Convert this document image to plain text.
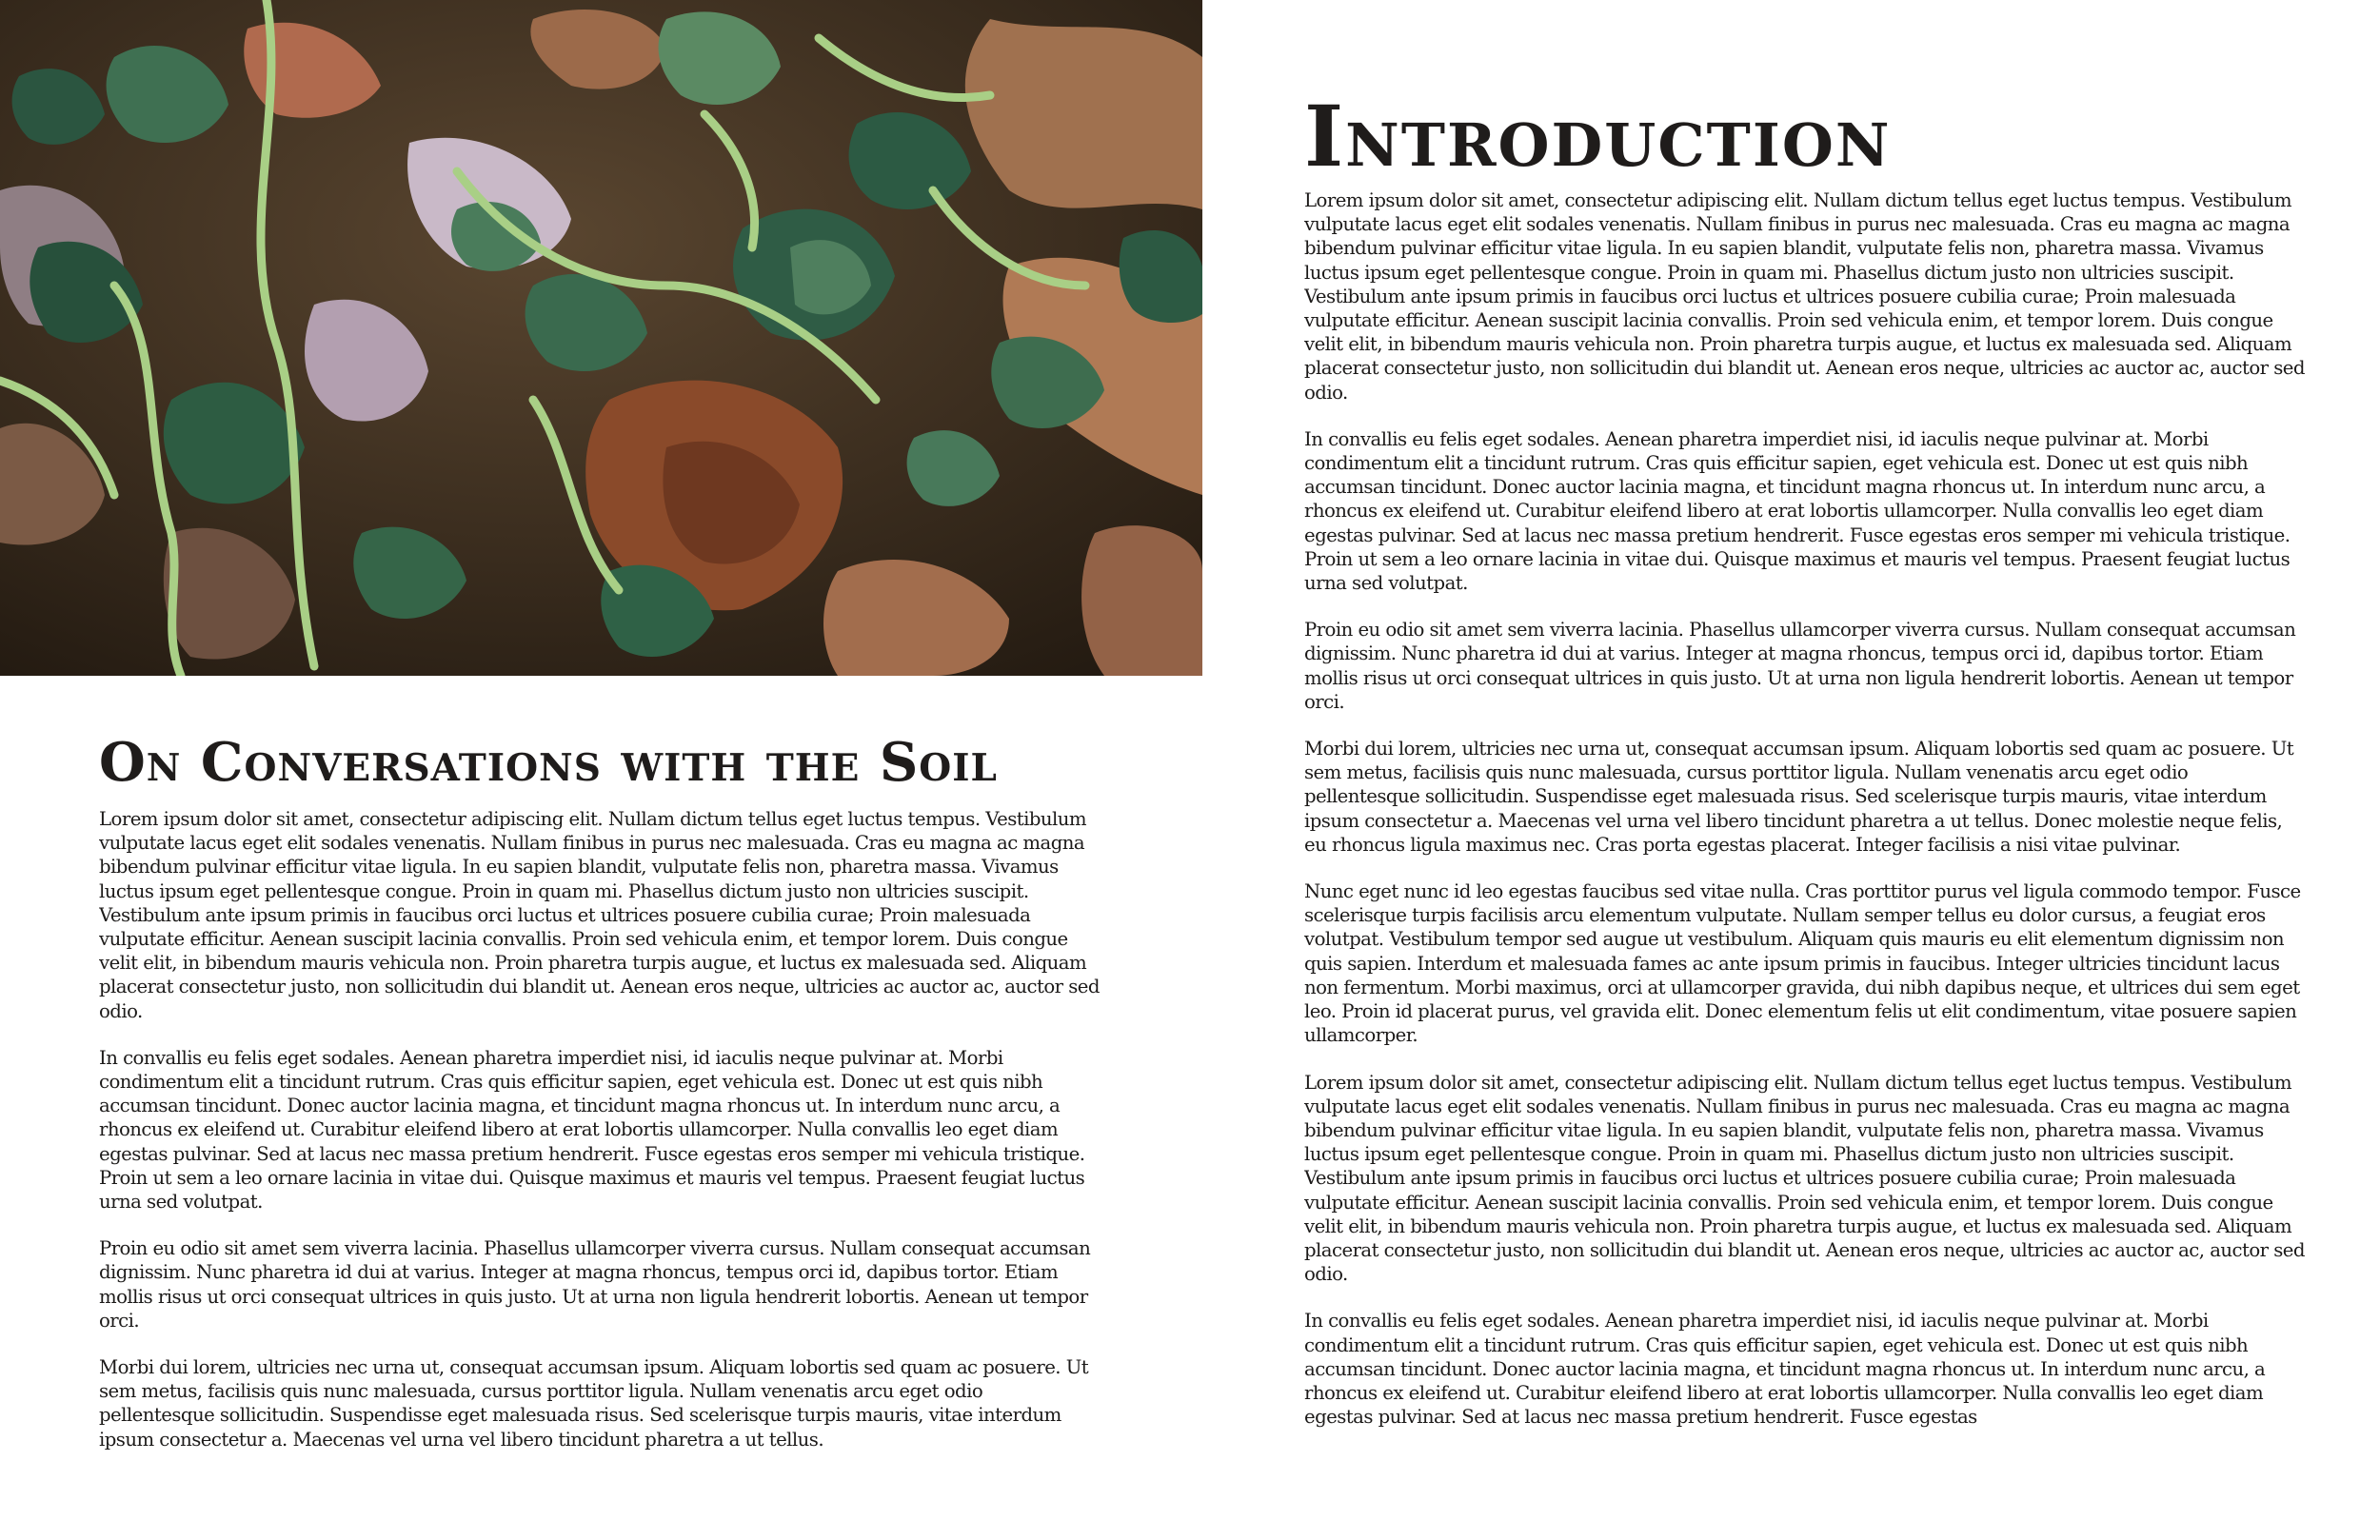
On Conversations with the Soil

Lorem ipsum dolor sit amet, consectetur adipiscing elit. Nullam dictum tellus eget luctus tempus. Vestibulum vulputate lacus eget elit sodales venenatis. Nullam finibus in purus nec malesuada. Cras eu magna ac magna bibendum pulvinar efficitur vitae ligula. In eu sapien blandit, vulputate felis non, pharetra massa. Vivamus luctus ipsum eget pellentesque congue. Proin in quam mi. Phasellus dictum justo non ultricies suscipit. Vestibulum ante ipsum primis in faucibus orci luctus et ultrices posuere cubilia curae; Proin malesuada vulputate efficitur. Aenean suscipit lacinia convallis. Proin sed vehicula enim, et tempor lorem. Duis congue velit elit, in bibendum mauris vehicula non. Proin pharetra turpis augue, et luctus ex malesuada sed. Aliquam placerat consectetur justo, non sollicitudin dui blandit ut. Aenean eros neque, ultricies ac auctor ac, auctor sed odio.

In convallis eu felis eget sodales. Aenean pharetra imperdiet nisi, id iaculis neque pulvinar at. Morbi condimentum elit a tincidunt rutrum. Cras quis efficitur sapien, eget vehicula est. Donec ut est quis nibh accumsan tincidunt. Donec auctor lacinia magna, et tincidunt magna rhoncus ut. In interdum nunc arcu, a rhoncus ex eleifend ut. Curabitur eleifend libero at erat lobortis ullamcorper. Nulla convallis leo eget diam egestas pulvinar. Sed at lacus nec massa pretium hendrerit. Fusce egestas eros semper mi vehicula tristique. Proin ut sem a leo ornare lacinia in vitae dui. Quisque maximus et mauris vel tempus. Praesent feugiat luctus urna sed volutpat.

Proin eu odio sit amet sem viverra lacinia. Phasellus ullamcorper viverra cursus. Nullam consequat accumsan dignissim. Nunc pharetra id dui at varius. Integer at magna rhoncus, tempus orci id, dapibus tortor. Etiam mollis risus ut orci consequat ultrices in quis justo. Ut at urna non ligula hendrerit lobortis. Aenean ut tempor orci.

Morbi dui lorem, ultricies nec urna ut, consequat accumsan ipsum. Aliquam lobortis sed quam ac posuere. Ut sem metus, facilisis quis nunc malesuada, cursus porttitor ligula. Nullam venenatis arcu eget odio pellentesque sollicitudin. Suspendisse eget malesuada risus. Sed scelerisque turpis mauris, vitae interdum ipsum consectetur a. Maecenas vel urna vel libero tincidunt pharetra a ut tellus.

Introduction

Lorem ipsum dolor sit amet, consectetur adipiscing elit. Nullam dictum tellus eget luctus tempus. Vestibulum vulputate lacus eget elit sodales venenatis. Nullam finibus in purus nec malesuada. Cras eu magna ac magna bibendum pulvinar efficitur vitae ligula. In eu sapien blandit, vulputate felis non, pharetra massa. Vivamus luctus ipsum eget pellentesque congue. Proin in quam mi. Phasellus dictum justo non ultricies suscipit. Vestibulum ante ipsum primis in faucibus orci luctus et ultrices posuere cubilia curae; Proin malesuada vulputate efficitur. Aenean suscipit lacinia convallis. Proin sed vehicula enim, et tempor lorem. Duis congue velit elit, in bibendum mauris vehicula non. Proin pharetra turpis augue, et luctus ex malesuada sed. Aliquam placerat consectetur justo, non sollicitudin dui blandit ut. Aenean eros neque, ultricies ac auctor ac, auctor sed odio.

In convallis eu felis eget sodales. Aenean pharetra imperdiet nisi, id iaculis neque pulvinar at. Morbi condimentum elit a tincidunt rutrum. Cras quis efficitur sapien, eget vehicula est. Donec ut est quis nibh accumsan tincidunt. Donec auctor lacinia magna, et tincidunt magna rhoncus ut. In interdum nunc arcu, a rhoncus ex eleifend ut. Curabitur eleifend libero at erat lobortis ullamcorper. Nulla convallis leo eget diam egestas pulvinar. Sed at lacus nec massa pretium hendrerit. Fusce egestas eros semper mi vehicula tristique. Proin ut sem a leo ornare lacinia in vitae dui. Quisque maximus et mauris vel tempus. Praesent feugiat luctus urna sed volutpat.

Proin eu odio sit amet sem viverra lacinia. Phasellus ullamcorper viverra cursus. Nullam consequat accumsan dignissim. Nunc pharetra id dui at varius. Integer at magna rhoncus, tempus orci id, dapibus tortor. Etiam mollis risus ut orci consequat ultrices in quis justo. Ut at urna non ligula hendrerit lobortis. Aenean ut tempor orci.

Morbi dui lorem, ultricies nec urna ut, consequat accumsan ipsum. Aliquam lobortis sed quam ac posuere. Ut sem metus, facilisis quis nunc malesuada, cursus porttitor ligula. Nullam venenatis arcu eget odio pellentesque sollicitudin. Suspendisse eget malesuada risus. Sed scelerisque turpis mauris, vitae interdum ipsum consectetur a. Maecenas vel urna vel libero tincidunt pharetra a ut tellus. Donec molestie neque felis, eu rhoncus ligula maximus nec. Cras porta egestas placerat. Integer facilisis a nisi vitae pulvinar.

Nunc eget nunc id leo egestas faucibus sed vitae nulla. Cras porttitor purus vel ligula commodo tempor. Fusce scelerisque turpis facilisis arcu elementum vulputate. Nullam semper tellus eu dolor cursus, a feugiat eros volutpat. Vestibulum tempor sed augue ut vestibulum. Aliquam quis mauris eu elit elementum dignissim non quis sapien. Interdum et malesuada fames ac ante ipsum primis in faucibus. Integer ultricies tincidunt lacus non fermentum. Morbi maximus, orci at ullamcorper gravida, dui nibh dapibus neque, et ultrices dui sem eget leo. Proin id placerat purus, vel gravida elit. Donec elementum felis ut elit condimentum, vitae posuere sapien ullamcorper.

Lorem ipsum dolor sit amet, consectetur adipiscing elit. Nullam dictum tellus eget luctus tempus. Vestibulum vulputate lacus eget elit sodales venenatis. Nullam finibus in purus nec malesuada. Cras eu magna ac magna bibendum pulvinar efficitur vitae ligula. In eu sapien blandit, vulputate felis non, pharetra massa. Vivamus luctus ipsum eget pellentesque congue. Proin in quam mi. Phasellus dictum justo non ultricies suscipit. Vestibulum ante ipsum primis in faucibus orci luctus et ultrices posuere cubilia curae; Proin malesuada vulputate efficitur. Aenean suscipit lacinia convallis. Proin sed vehicula enim, et tempor lorem. Duis congue velit elit, in bibendum mauris vehicula non. Proin pharetra turpis augue, et luctus ex malesuada sed. Aliquam placerat consectetur justo, non sollicitudin dui blandit ut. Aenean eros neque, ultricies ac auctor ac, auctor sed odio.

In convallis eu felis eget sodales. Aenean pharetra imperdiet nisi, id iaculis neque pulvinar at. Morbi condimentum elit a tincidunt rutrum. Cras quis efficitur sapien, eget vehicula est. Donec ut est quis nibh accumsan tincidunt. Donec auctor lacinia magna, et tincidunt magna rhoncus ut. In interdum nunc arcu, a rhoncus ex eleifend ut. Curabitur eleifend libero at erat lobortis ullamcorper. Nulla convallis leo eget diam egestas pulvinar. Sed at lacus nec massa pretium hendrerit. Fusce egestas
